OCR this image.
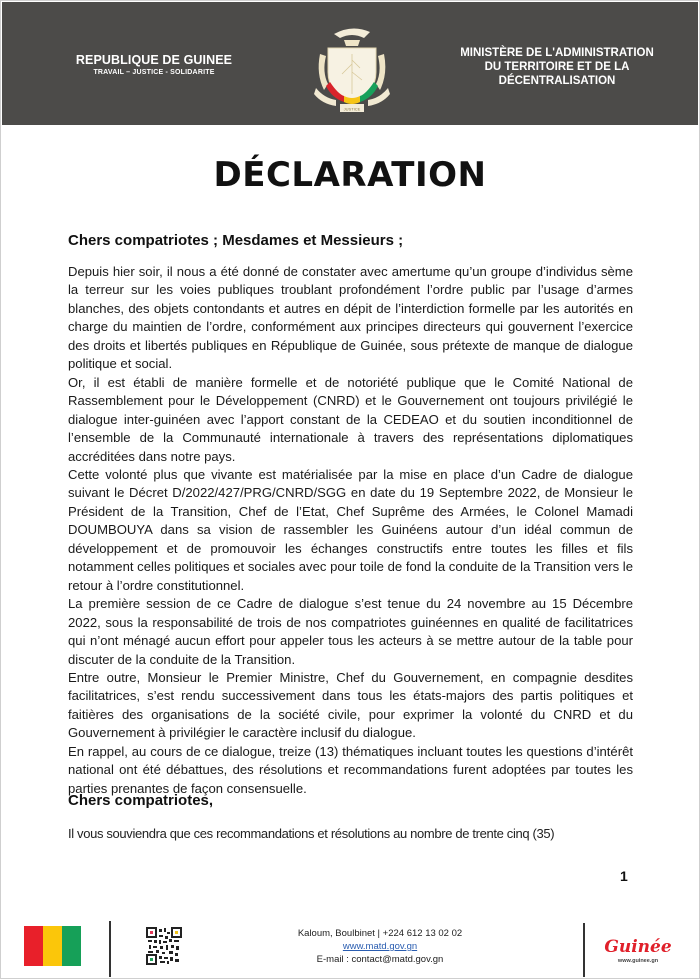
REPUBLIQUE DE GUINEE
TRAVAIL – JUSTICE - SOLIDARITE
JUSTICE
MINISTÈRE DE L'ADMINISTRATION
DU TERRITOIRE ET DE LA
DÉCENTRALISATION
DÉCLARATION
Chers compatriotes ; Mesdames et Messieurs ;

Depuis hier soir, il nous a été donné de constater avec amertume qu’un groupe d’individus sème la terreur sur les voies publiques troublant profondément l’ordre public par l’usage d’armes blanches, des objets contondants et autres en dépit de l’interdiction formelle par les autorités en charge du maintien de l’ordre, conformément aux principes directeurs qui gouvernent l’exercice des droits et libertés publiques en République de Guinée, sous prétexte de manque de dialogue politique et social.

Or, il est établi de manière formelle et de notoriété publique que le Comité National de Rassemblement pour le Développement (CNRD) et le Gouvernement ont toujours privilégié le dialogue inter-guinéen avec l’apport constant de la CEDEAO et du soutien inconditionnel de l’ensemble de la Communauté internationale à travers des représentations diplomatiques accréditées dans notre pays.

Cette volonté plus que vivante est matérialisée par la mise en place d’un Cadre de dialogue suivant le Décret D/2022/427/PRG/CNRD/SGG en date du 19 Septembre 2022, de Monsieur le Président de la Transition, Chef de l’Etat, Chef Suprême des Armées, le Colonel Mamadi DOUMBOUYA dans sa vision de rassembler les Guinéens autour d’un idéal commun de développement et de promouvoir les échanges constructifs entre toutes les filles et fils notamment celles politiques et sociales avec pour toile de fond la conduite de la Transition vers le retour à l’ordre constitutionnel.

La première session de ce Cadre de dialogue s’est tenue du 24 novembre au 15 Décembre 2022, sous la responsabilité de trois de nos compatriotes guinéennes en qualité de facilitatrices qui n’ont ménagé aucun effort pour appeler tous les acteurs à se mettre autour de la table pour discuter de la conduite de la Transition.

Entre outre, Monsieur le Premier Ministre, Chef du Gouvernement, en compagnie desdites facilitatrices, s’est rendu successivement dans tous les états-majors des partis politiques et faitières des organisations de la société civile, pour exprimer la volonté du CNRD et du Gouvernement à privilégier le caractère inclusif du dialogue.

En rappel, au cours de ce dialogue, treize (13) thématiques incluant toutes les questions d’intérêt national ont été débattues, des résolutions et recommandations furent adoptées par toutes les parties prenantes de façon consensuelle.

Chers compatriotes,
Il vous souviendra que ces recommandations et résolutions au nombre de trente cinq (35)
1
Kaloum, Boulbinet | +224 612 13 02 02
www.matd.gov.gn
E-mail : contact@matd.gov.gn
Guinée
www.guinee.gn
